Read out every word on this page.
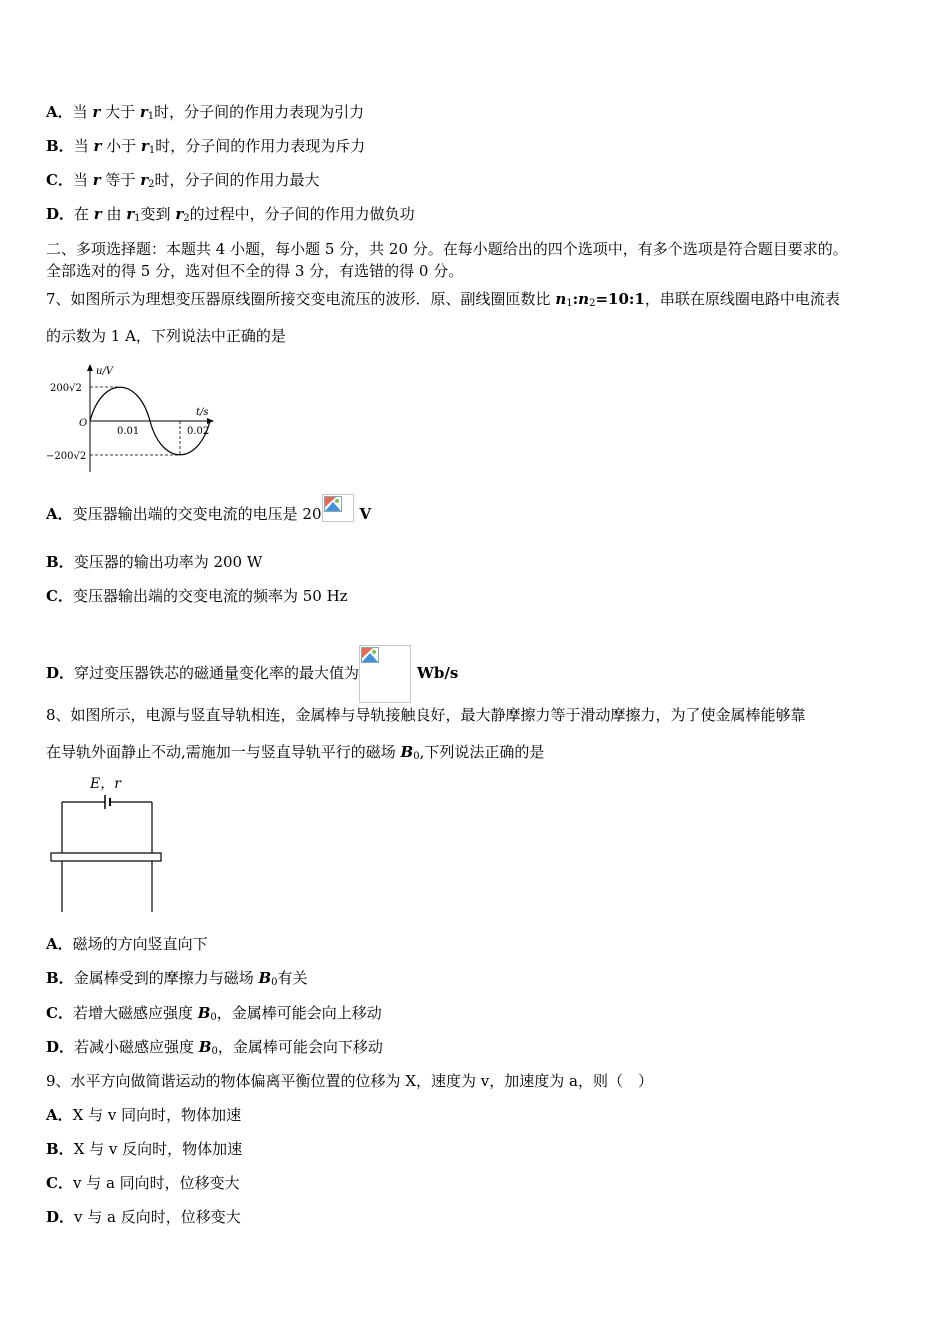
A．当 r 大于 $r_1$时，分子间的作用力表现为引力
B．当 r 小于 $r_1$时，分子间的作用力表现为斥力
C．当 r 等于 $r_2$时，分子间的作用力最大
D．在 r 由 $r_1$变到 $r_2$的过程中，分子间的作用力做负功
二、多项选择题：本题共 4 小题，每小题 5 分，共 20 分。在每小题给出的四个选项中，有多个选项是符合题目要求的。
全部选对的得 5 分，选对但不全的得 3 分，有选错的得 0 分。
7、如图所示为理想变压器原线圈所接交变电流压的波形．原、副线圈匝数比 $n_1:n_2=10:1$，串联在原线圈电路中电流表
的示数为 1 A，下列说法中正确的是
u/V
t/s
200√2
−200√2
O
0.01	0.02
A．变压器输出端的交变电流的电压是 20	V
B．变压器的输出功率为 200 W
C．变压器输出端的交变电流的频率为 50 Hz
D．穿过变压器铁芯的磁通量变化率的最大值为	Wb/s
8、如图所示，电源与竖直导轨相连，金属棒与导轨接触良好，最大静摩擦力等于滑动摩擦力，为了使金属棒能够靠
在导轨外面静止不动,需施加一与竖直导轨平行的磁场 $B_0$,下列说法正确的是
E，r
A．磁场的方向竖直向下
B．金属棒受到的摩擦力与磁场 $B_0$有关
C．若增大磁感应强度 $B_0$，金属棒可能会向上移动
D．若减小磁感应强度 $B_0$，金属棒可能会向下移动
9、水平方向做简谐运动的物体偏离平衡位置的位移为 X，速度为 v，加速度为 a，则（　）
A．X 与 v 同向时，物体加速
B．X 与 v 反向时，物体加速
C．v 与 a 同向时，位移变大
D．v 与 a 反向时，位移变大
